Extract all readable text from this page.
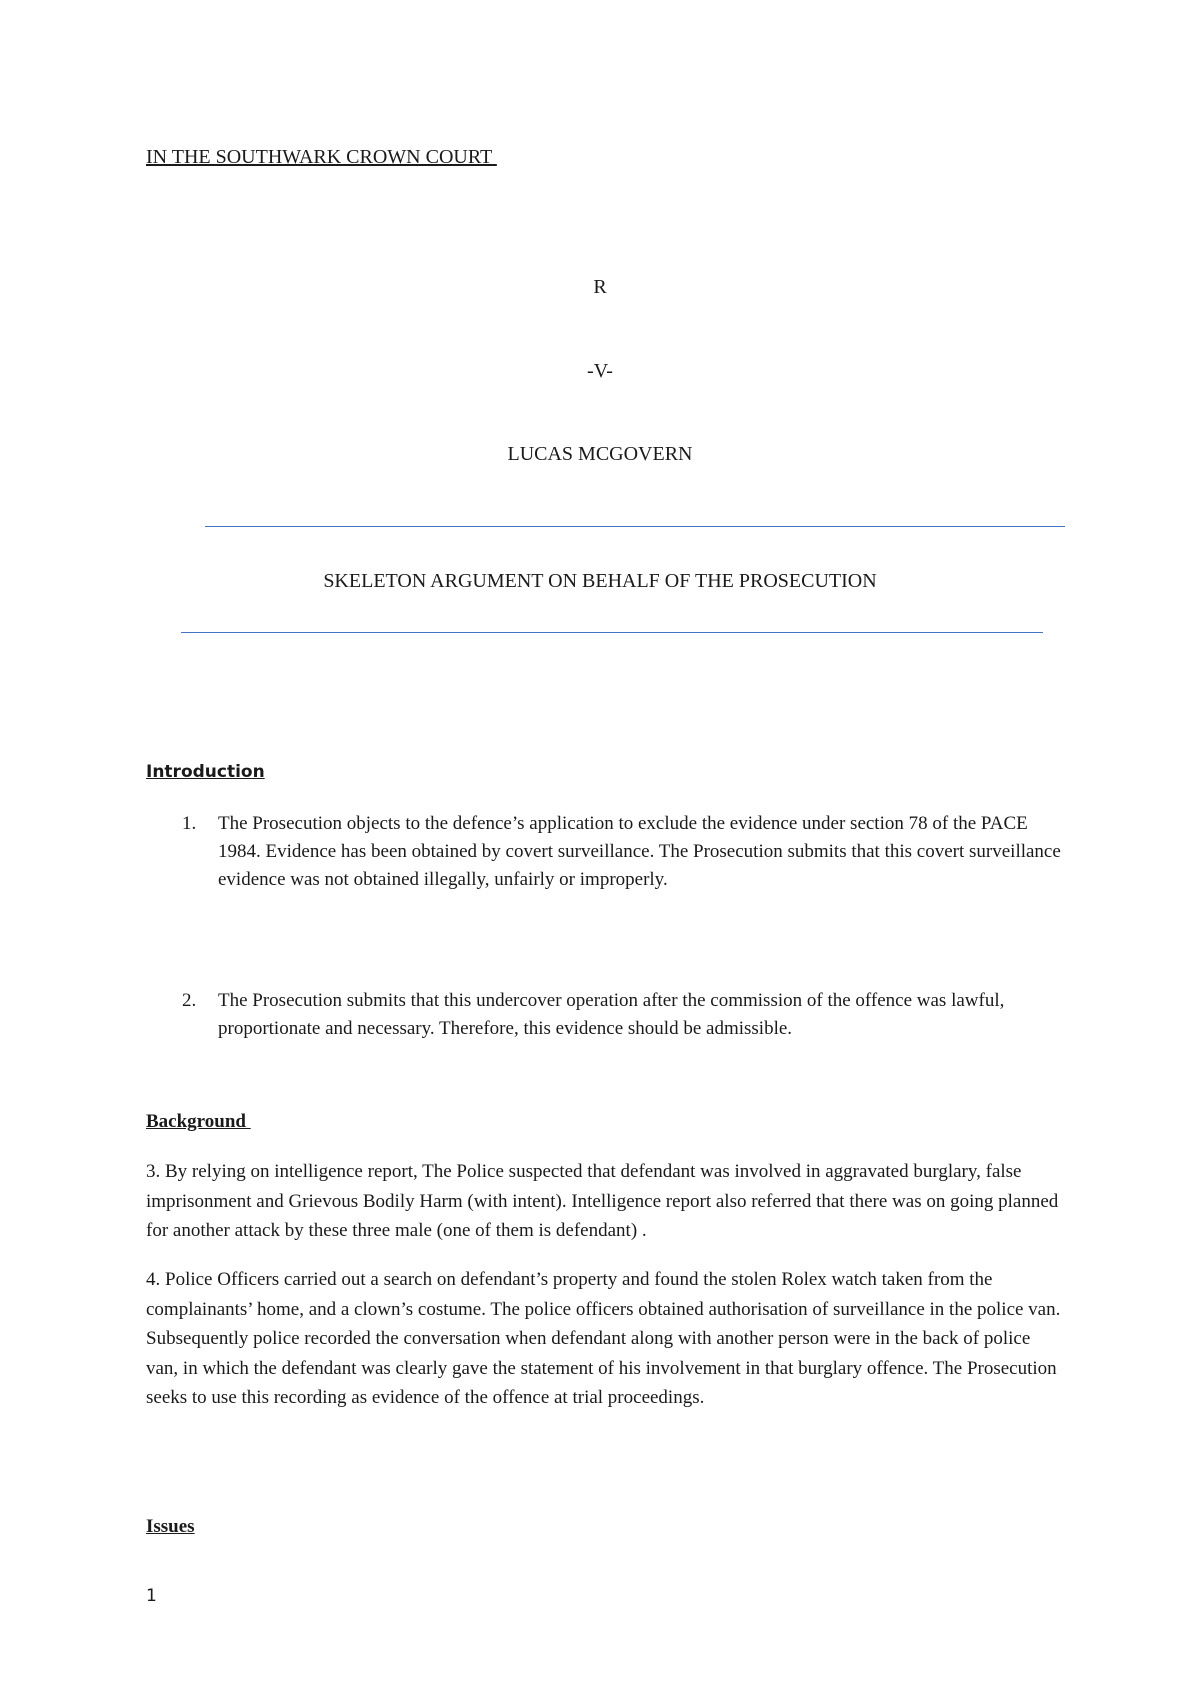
IN THE SOUTHWARK CROWN COURT
R
-V-
LUCAS MCGOVERN
SKELETON ARGUMENT ON BEHALF OF THE PROSECUTION
Introduction
1. The Prosecution objects to the defence’s application to exclude the evidence under section 78 of the PACE 1984. Evidence has been obtained by covert surveillance. The Prosecution submits that this covert surveillance evidence was not obtained illegally, unfairly or improperly.
2. The Prosecution submits that this undercover operation after the commission of the offence was lawful, proportionate and necessary. Therefore, this evidence should be admissible.
Background
3. By relying on intelligence report, The Police suspected that defendant was involved in aggravated burglary, false imprisonment and Grievous Bodily Harm (with intent). Intelligence report also referred that there was on going planned for another attack by these three male (one of them is defendant) .
4. Police Officers carried out a search on defendant’s property and found the stolen Rolex watch taken from the complainants’ home, and a clown’s costume. The police officers obtained authorisation of surveillance in the police van. Subsequently police recorded the conversation when defendant along with another person were in the back of police van, in which the defendant was clearly gave the statement of his involvement in that burglary offence. The Prosecution seeks to use this recording as evidence of the offence at trial proceedings.
Issues
1
